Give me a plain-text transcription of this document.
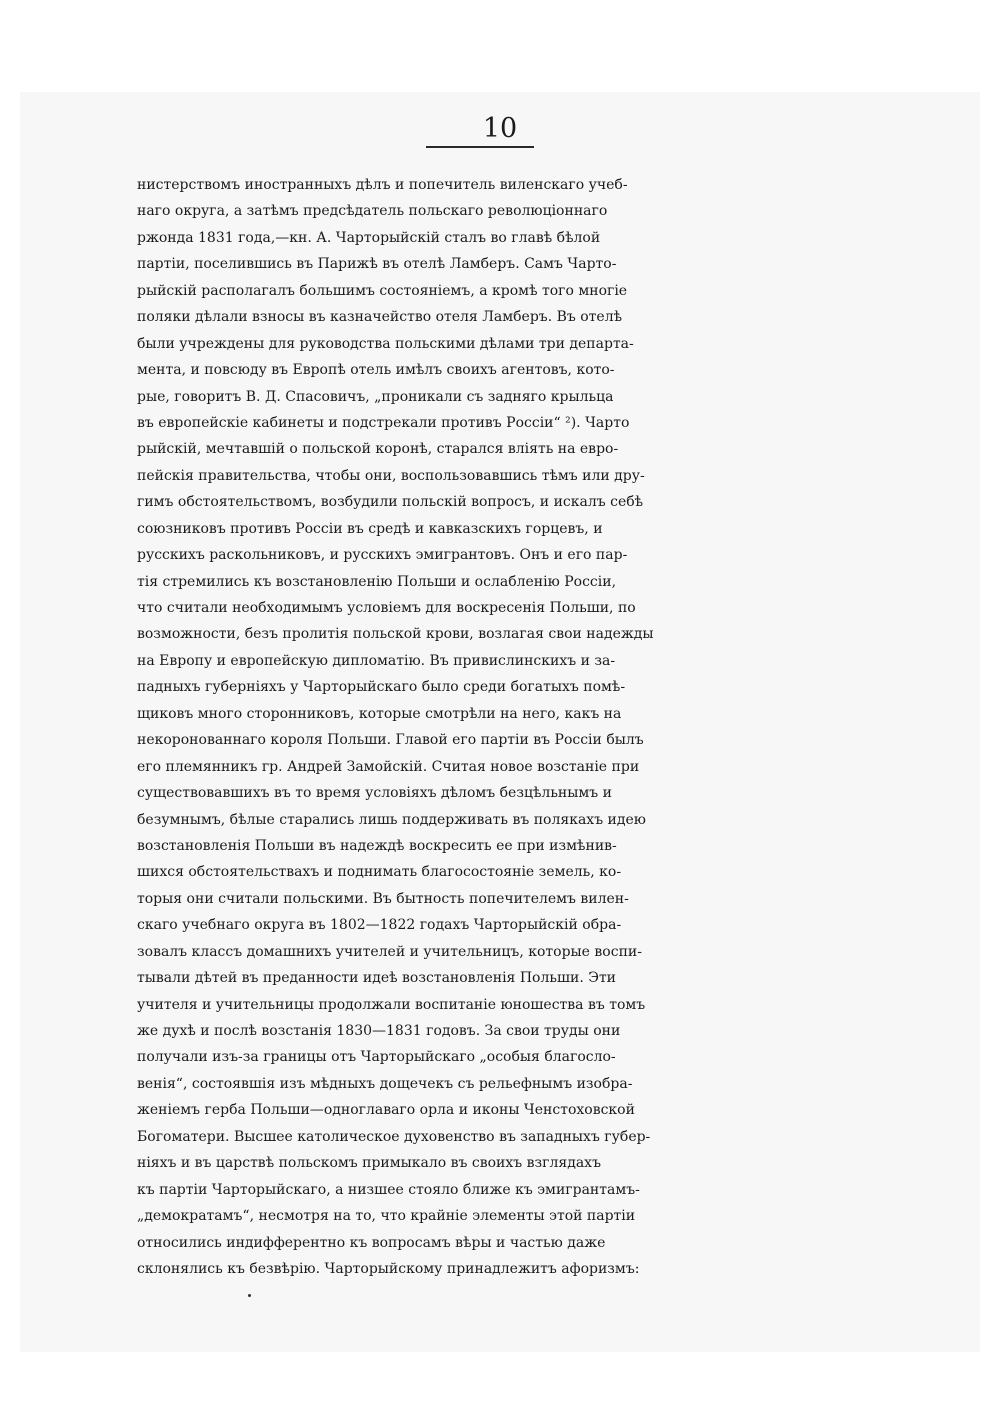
10
нистерствомъ иностранныхъ дѣлъ и попечитель виленскаго учеб-
наго округа, а затѣмъ предсѣдатель польскаго революціоннаго
ржонда 1831 года,—кн. А. Чарторыйскій сталъ во главѣ бѣлой
партіи, поселившись въ Парижѣ въ отелѣ Ламберъ. Самъ Чарто-
рыйскій располагалъ большимъ состояніемъ, а кромѣ того многіе
поляки дѣлали взносы въ казначейство отеля Ламберъ. Въ отелѣ
были учреждены для руководства польскими дѣлами три департа-
мента, и повсюду въ Европѣ отель имѣлъ своихъ агентовъ, кото-
рые, говоритъ В. Д. Спасовичъ, „проникали съ задняго крыльца
въ европейскіе кабинеты и подстрекали противъ Россіи“ ²). Чарто
рыйскій, мечтавшій о польской коронѣ, старался вліять на евро-
пейскія правительства, чтобы они, воспользовавшись тѣмъ или дру-
гимъ обстоятельствомъ, возбудили польскій вопросъ, и искалъ себѣ
союзниковъ противъ Россіи въ средѣ и кавказскихъ горцевъ, и
русскихъ раскольниковъ, и русскихъ эмигрантовъ. Онъ и его пар-
тія стремились къ возстановленію Польши и ослабленію Россіи,
что считали необходимымъ условіемъ для воскресенія Польши, по
возможности, безъ пролитія польской крови, возлагая свои надежды
на Европу и европейскую дипломатію. Въ привислинскихъ и за-
падныхъ губерніяхъ у Чарторыйскаго было среди богатыхъ помѣ-
щиковъ много сторонниковъ, которые смотрѣли на него, какъ на
некоронованнаго короля Польши. Главой его партіи въ Россіи былъ
его племянникъ гр. Андрей Замойскій. Считая новое возстаніе при
существовавшихъ въ то время условіяхъ дѣломъ безцѣльнымъ и
безумнымъ, бѣлые старались лишь поддерживать въ полякахъ идею
возстановленія Польши въ надеждѣ воскресить ее при измѣнив-
шихся обстоятельствахъ и поднимать благосостояніе земель, ко-
торыя они считали польскими. Въ бытность попечителемъ вилен-
скаго учебнаго округа въ 1802—1822 годахъ Чарторыйскій обра-
зовалъ классъ домашнихъ учителей и учительницъ, которые воспи-
тывали дѣтей въ преданности идеѣ возстановленія Польши. Эти
учителя и учительницы продолжали воспитаніе юношества въ томъ
же духѣ и послѣ возстанія 1830—1831 годовъ. За свои труды они
получали изъ-за границы отъ Чарторыйскаго „особыя благосло-
венія“, состоявшія изъ мѣдныхъ дощечекъ съ рельефнымъ изобра-
женіемъ герба Польши—одноглаваго орла и иконы Ченстоховской
Богоматери. Высшее католическое духовенство въ западныхъ губер-
ніяхъ и въ царствѣ польскомъ примыкало въ своихъ взглядахъ
къ партіи Чарторыйскаго, а низшее стояло ближе къ эмигрантамъ-
„демократамъ“, несмотря на то, что крайніе элементы этой партіи
относились индифферентно къ вопросамъ вѣры и частью даже
склонялись къ безвѣрію. Чарторыйскому принадлежитъ афоризмъ:
